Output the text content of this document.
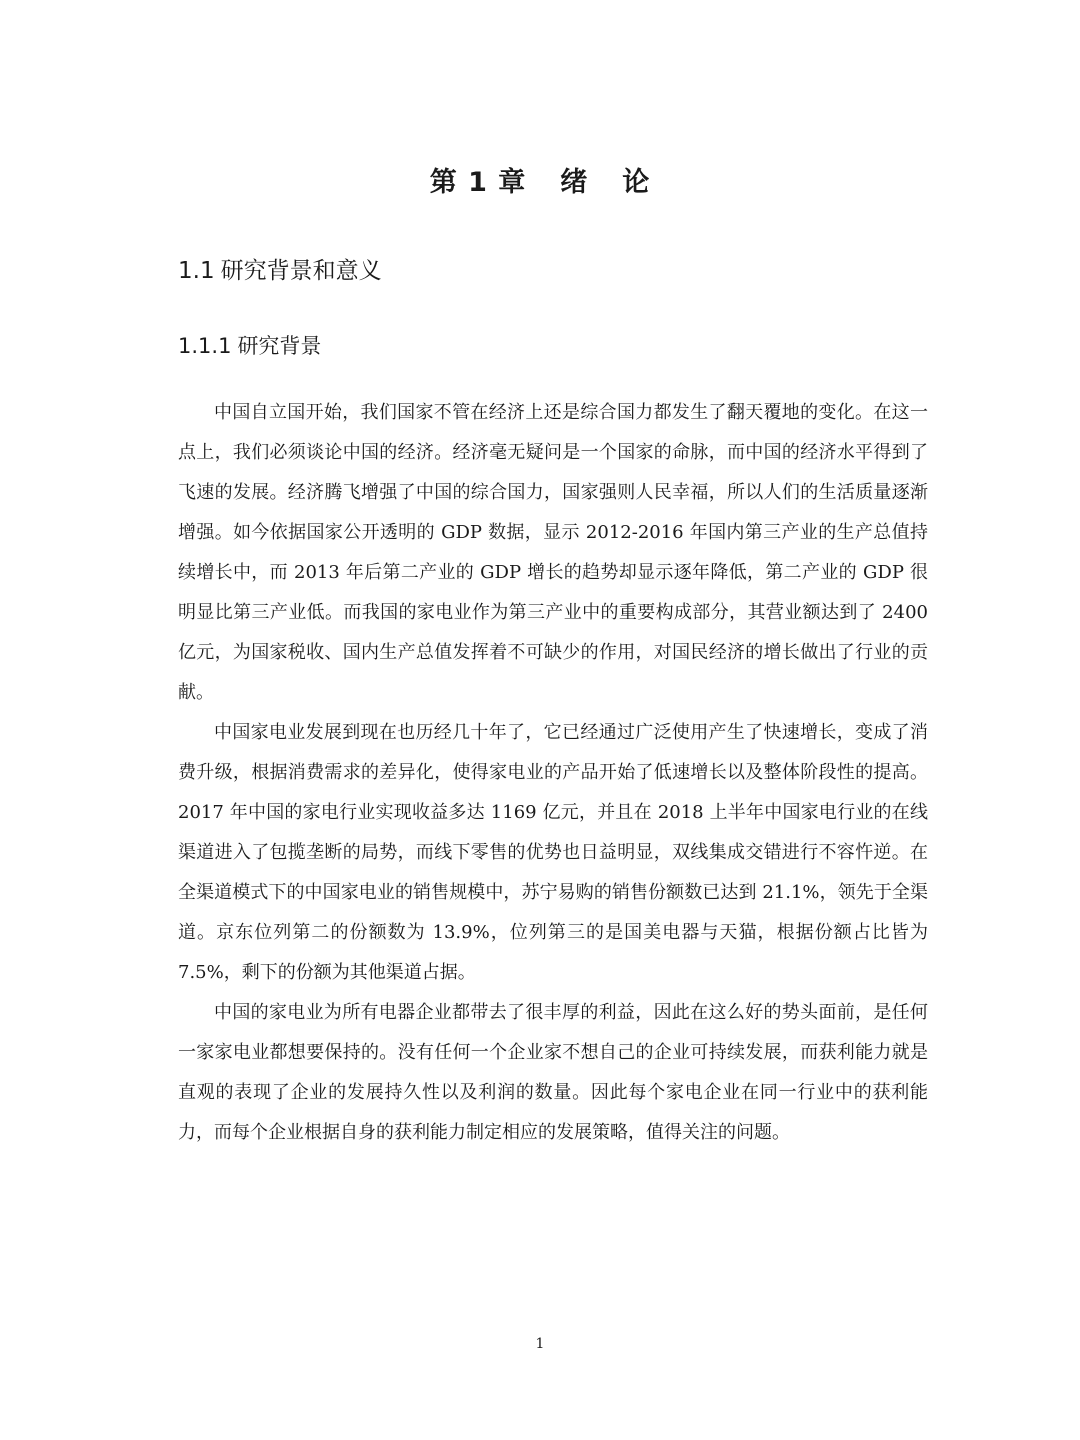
第 1 章 绪 论
1.1 研究背景和意义
1.1.1 研究背景

中国自立国开始，我们国家不管在经济上还是综合国力都发生了翻天覆地的变化。在这一点上，我们必须谈论中国的经济。经济毫无疑问是一个国家的命脉，而中国的经济水平得到了飞速的发展。经济腾飞增强了中国的综合国力，国家强则人民幸福，所以人们的生活质量逐渐增强。如今依据国家公开透明的 GDP 数据，显示 2012-2016 年国内第三产业的生产总值持续增长中，而 2013 年后第二产业的 GDP 增长的趋势却显示逐年降低，第二产业的 GDP 很明显比第三产业低。而我国的家电业作为第三产业中的重要构成部分，其营业额达到了 2400 亿元，为国家税收、国内生产总值发挥着不可缺少的作用，对国民经济的增长做出了行业的贡献。

中国家电业发展到现在也历经几十年了，它已经通过广泛使用产生了快速增长，变成了消费升级，根据消费需求的差异化，使得家电业的产品开始了低速增长以及整体阶段性的提高。2017 年中国的家电行业实现收益多达 1169 亿元，并且在 2018 上半年中国家电行业的在线渠道进入了包揽垄断的局势，而线下零售的优势也日益明显，双线集成交错进行不容忤逆。在全渠道模式下的中国家电业的销售规模中，苏宁易购的销售份额数已达到 21.1%，领先于全渠道。京东位列第二的份额数为 13.9%，位列第三的是国美电器与天猫，根据份额占比皆为 7.5%，剩下的份额为其他渠道占据。

中国的家电业为所有电器企业都带去了很丰厚的利益，因此在这么好的势头面前，是任何一家家电业都想要保持的。没有任何一个企业家不想自己的企业可持续发展，而获利能力就是直观的表现了企业的发展持久性以及利润的数量。因此每个家电企业在同一行业中的获利能力，而每个企业根据自身的获利能力制定相应的发展策略，值得关注的问题。

1
